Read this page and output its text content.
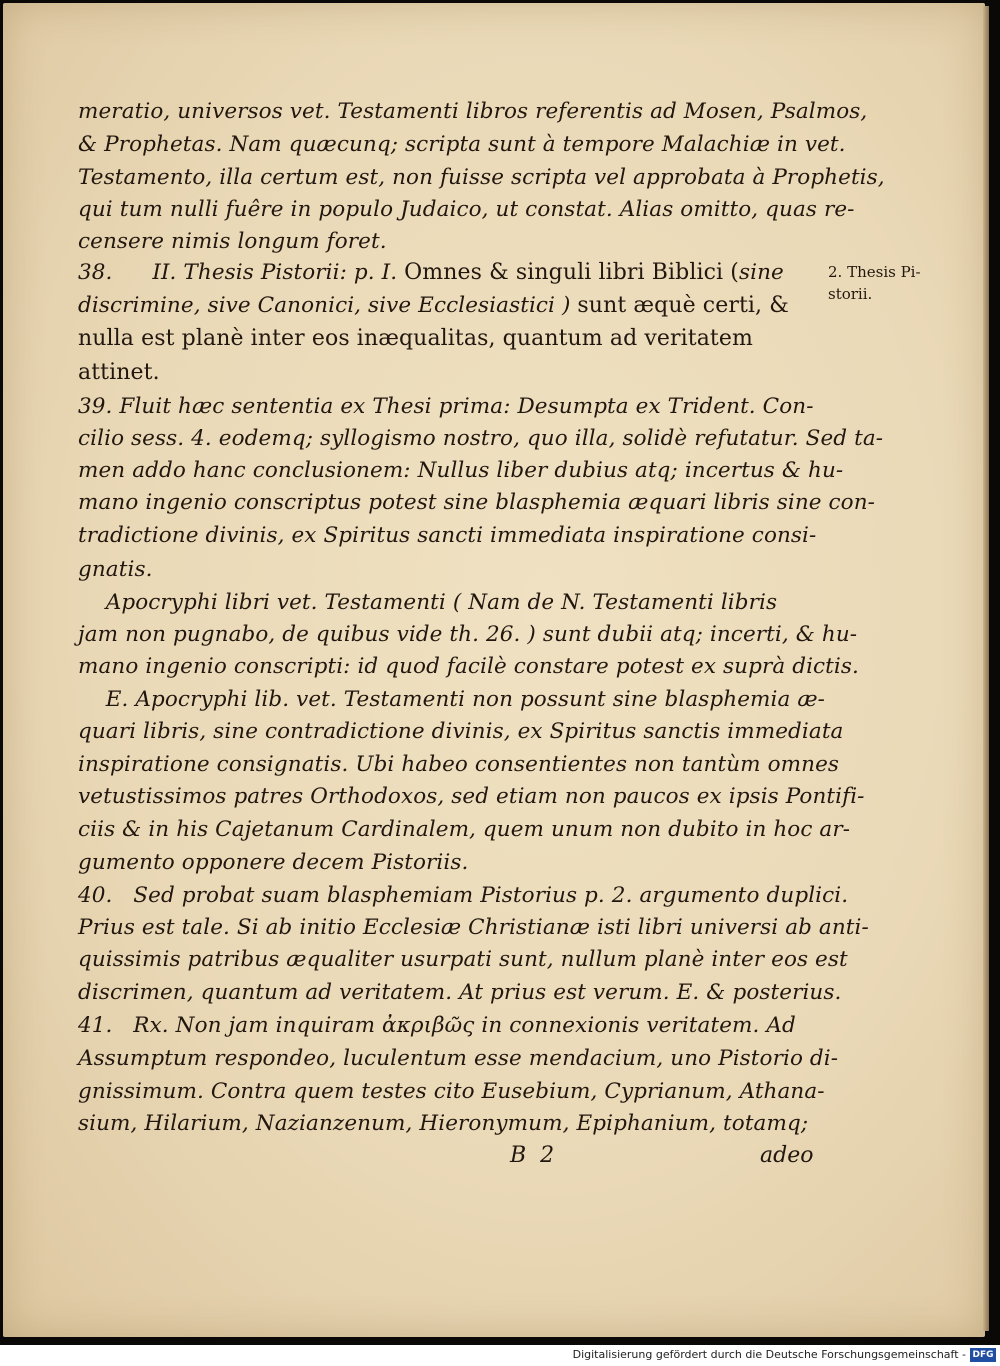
meratio, universos vet. Testamenti libros referentis ad Mosen, Psalmos,
& Prophetas. Nam quæcunq; scripta sunt à tempore Malachiæ in vet.
Testamento, illa certum est, non fuisse scripta vel approbata à Prophetis,
qui tum nulli fuêre in populo Judaico, ut constat. Alias omitto, quas re-
censere nimis longum foret.
38. II. Thesis Pistorii: p. I. Omnes & singuli libri Biblici (sine
discrimine, sive Canonici, sive Ecclesiastici ) sunt æquè certi, &
nulla est planè inter eos inæqualitas, quantum ad veritatem
attinet.
39. Fluit hæc sententia ex Thesi prima: Desumpta ex Trident. Con-
cilio sess. 4. eodemq; syllogismo nostro, quo illa, solidè refutatur. Sed ta-
men addo hanc conclusionem: Nullus liber dubius atq; incertus & hu-
mano ingenio conscriptus potest sine blasphemia æquari libris sine con-
tradictione divinis, ex Spiritus sancti immediata inspiratione consi-
gnatis.
Apocryphi libri vet. Testamenti ( Nam de N. Testamenti libris
jam non pugnabo, de quibus vide th. 26. ) sunt dubii atq; incerti, & hu-
mano ingenio conscripti: id quod facilè constare potest ex suprà dictis.
E. Apocryphi lib. vet. Testamenti non possunt sine blasphemia æ-
quari libris, sine contradictione divinis, ex Spiritus sanctis immediata
inspiratione consignatis. Ubi habeo consentientes non tantùm omnes
vetustissimos patres Orthodoxos, sed etiam non paucos ex ipsis Pontifi-
ciis & in his Cajetanum Cardinalem, quem unum non dubito in hoc ar-
gumento opponere decem Pistoriis.
40.   Sed probat suam blasphemiam Pistorius p. 2. argumento duplici.
Prius est tale. Si ab initio Ecclesiæ Christianæ isti libri universi ab anti-
quissimis patribus æqualiter usurpati sunt, nullum planè inter eos est
discrimen, quantum ad veritatem. At prius est verum. E. & posterius.
41.   Rx. Non jam inquiram ἀκριβῶς in connexionis veritatem. Ad
Assumptum respondeo, luculentum esse mendacium, uno Pistorio di-
gnissimum. Contra quem testes cito Eusebium, Cyprianum, Athana-
sium, Hilarium, Nazianzenum, Hieronymum, Epiphanium, totamq;
2. Thesis Pi-
storii.
B  2	adeo
Digitalisierung gefördert durch die Deutsche Forschungsgemeinschaft - DFG
